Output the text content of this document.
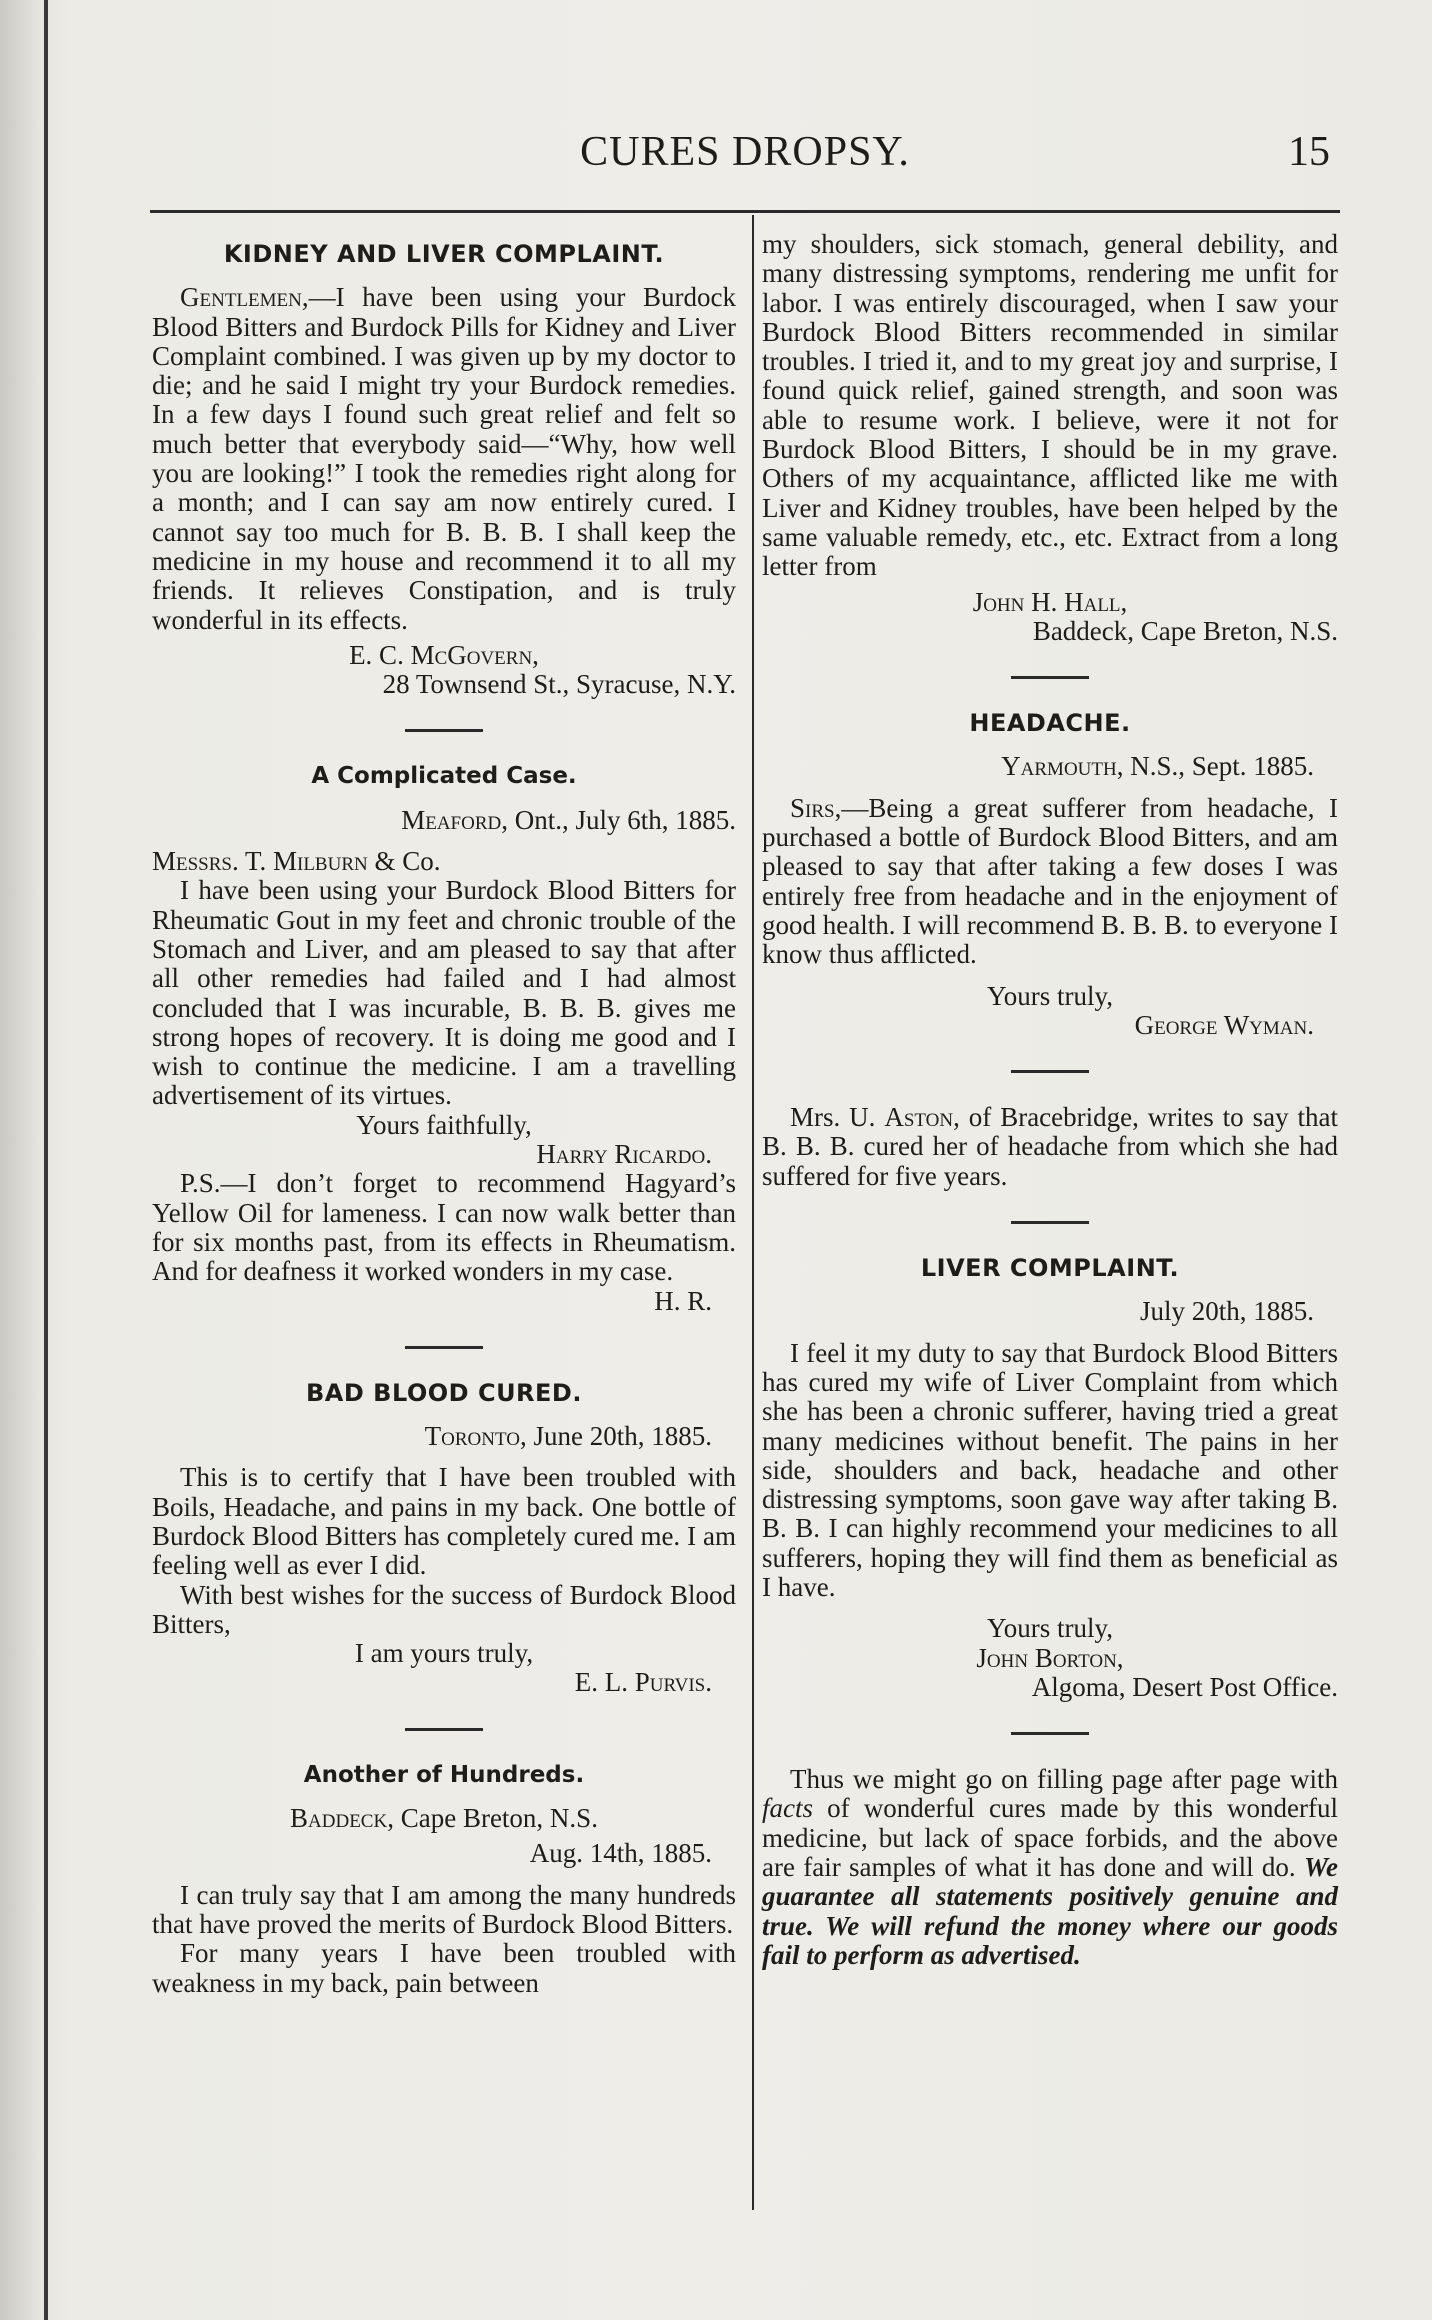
CURES DROPSY.	15
KIDNEY AND LIVER COMPLAINT.

Gentlemen,—I have been using your Burdock Blood Bitters and Burdock Pills for Kidney and Liver Complaint combined. I was given up by my doctor to die; and he said I might try your Burdock remedies. In a few days I found such great relief and felt so much better that everybody said—“Why, how well you are looking!” I took the remedies right along for a month; and I can say am now entirely cured. I cannot say too much for B. B. B. I shall keep the medicine in my house and recommend it to all my friends. It relieves Constipation, and is truly wonderful in its effects.

E. C. McGovern,

28 Townsend St., Syracuse, N.Y.

A Complicated Case.

Meaford, Ont., July 6th, 1885.

Messrs. T. Milburn & Co.

I have been using your Burdock Blood Bitters for Rheumatic Gout in my feet and chronic trouble of the Stomach and Liver, and am pleased to say that after all other remedies had failed and I had almost concluded that I was incurable, B. B. B. gives me strong hopes of recovery. It is doing me good and I wish to continue the medicine. I am a travelling advertisement of its virtues.

Yours faithfully,

Harry Ricardo.

P.S.—I don’t forget to recommend Hagyard’s Yellow Oil for lameness. I can now walk better than for six months past, from its effects in Rheumatism. And for deafness it worked wonders in my case.

H. R.

BAD BLOOD CURED.

Toronto, June 20th, 1885.

This is to certify that I have been troubled with Boils, Headache, and pains in my back. One bottle of Burdock Blood Bitters has completely cured me. I am feeling well as ever I did.

With best wishes for the success of Burdock Blood Bitters,

I am yours truly,

E. L. Purvis.

Another of Hundreds.

Baddeck, Cape Breton, N.S.

Aug. 14th, 1885.

I can truly say that I am among the many hundreds that have proved the merits of Burdock Blood Bitters.

For many years I have been troubled with weakness in my back, pain between

my shoulders, sick stomach, general debility, and many distressing symptoms, rendering me unfit for labor. I was entirely discouraged, when I saw your Burdock Blood Bitters recommended in similar troubles. I tried it, and to my great joy and surprise, I found quick relief, gained strength, and soon was able to resume work. I believe, were it not for Burdock Blood Bitters, I should be in my grave. Others of my acquaintance, afflicted like me with Liver and Kidney troubles, have been helped by the same valuable remedy, etc., etc. Extract from a long letter from

John H. Hall,

Baddeck, Cape Breton, N.S.

HEADACHE.

Yarmouth, N.S., Sept. 1885.

Sirs,—Being a great sufferer from headache, I purchased a bottle of Burdock Blood Bitters, and am pleased to say that after taking a few doses I was entirely free from headache and in the enjoyment of good health. I will recommend B. B. B. to everyone I know thus afflicted.

Yours truly,

George Wyman.

Mrs. U. Aston, of Bracebridge, writes to say that B. B. B. cured her of headache from which she had suffered for five years.

LIVER COMPLAINT.

July 20th, 1885.

I feel it my duty to say that Burdock Blood Bitters has cured my wife of Liver Complaint from which she has been a chronic sufferer, having tried a great many medicines without benefit. The pains in her side, shoulders and back, headache and other distressing symptoms, soon gave way after taking B. B. B. I can highly recommend your medicines to all sufferers, hoping they will find them as beneficial as I have.

Yours truly,

John Borton,

Algoma, Desert Post Office.

Thus we might go on filling page after page with facts of wonderful cures made by this wonderful medicine, but lack of space forbids, and the above are fair samples of what it has done and will do. We guarantee all statements positively genuine and true. We will refund the money where our goods fail to perform as advertised.
